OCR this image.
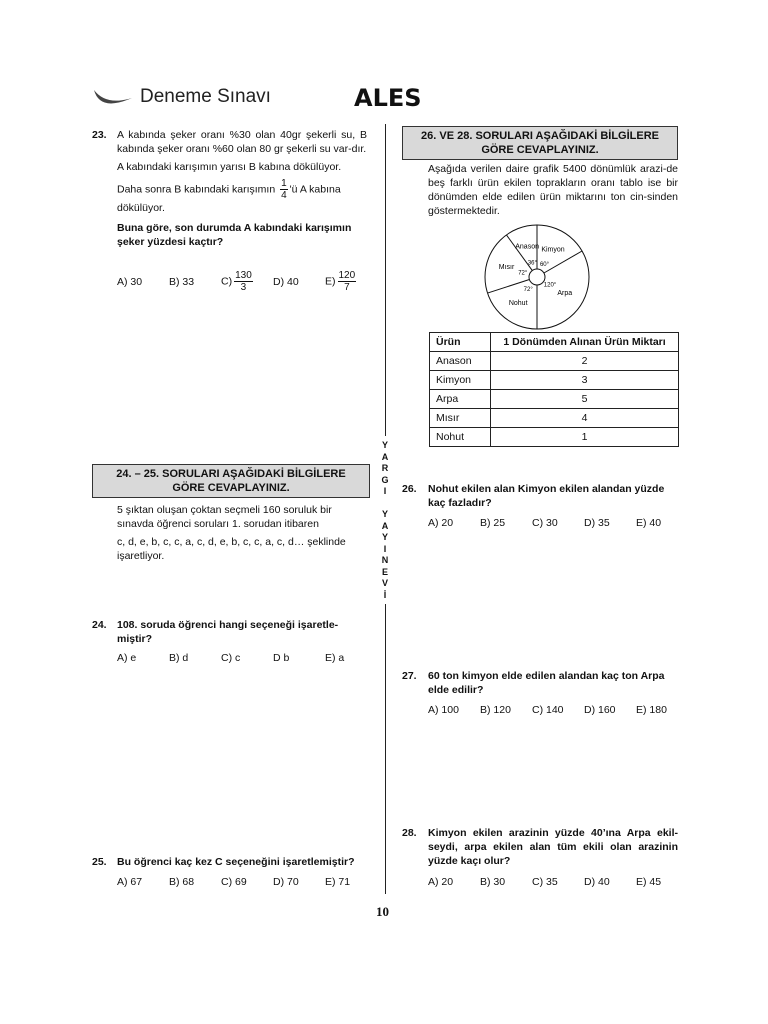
Deneme Sınavı	ALES
Y
A
R
G
I

Y
A
Y
I
N
E
V
İ
23. A kabında şeker oranı %30 olan 40gr şekerli su, B kabında şeker oranı %60 olan 80 gr şekerli su var-dır.
A kabındaki karışımın yarısı B kabına dökülüyor.
Daha sonra B kabındaki karışımın $\frac{1}{4}$ 'ü A kabına
dökülüyor.
Buna göre, son durumda A kabındaki karışımın şeker yüzdesi kaçtır?
A) 30	B) 33	$C) \frac{130}{3} D$) 40	$E) \frac{120}{7}$
24. – 25. SORULARI AŞAĞIDAKİ BİLGİLERE
GÖRE CEVAPLAYINIZ.
5 şıktan oluşan çoktan seçmeli 160 soruluk bir
sınavda öğrenci soruları 1. sorudan itibaren
c, d, e, b, c, c, a, c, d, e, b, c, c, a, c, d… şeklinde
işaretliyor.
24. 108. soruda öğrenci hangi seçeneği işaretle-miştir?
A) e	B) d	C) c	D b	E) a
25. Bu öğrenci kaç kez C seçeneğini işaretlemiştir?
A) 67	B) 68	C) 69	D) 70	E) 71
26. VE 28. SORULARI AŞAĞIDAKİ BİLGİLERE
GÖRE CEVAPLAYINIZ.
Aşağıda verilen daire grafik 5400 dönümlük arazi-de beş farklı ürün ekilen toprakların oranı tablo ise bir dönümden elde edilen ürün miktarını ton cin-sinden göstermektedir.
Anason
36°
Kimyon
60°
Arpa
120°
Nohut
72°
Mısır
72°
Ürün	1 Dönümden Alınan Ürün Miktarı
Anason	2
Kimyon	3
Arpa	5
Mısır	4
Nohut	1
26. Nohut ekilen alan Kimyon ekilen alandan yüzde kaç fazladır?
A) 20	B) 25	C) 30	D) 35	E) 40
27. 60 ton kimyon elde edilen alandan kaç ton Arpa elde edilir?
A) 100	B) 120	C) 140	D) 160	E) 180
28. Kimyon ekilen arazinin yüzde 40’ına Arpa ekil-seydi, arpa ekilen alan tüm ekili olan arazinin yüzde kaçı olur?
A) 20	B) 30	C) 35	D) 40	E) 45
10
